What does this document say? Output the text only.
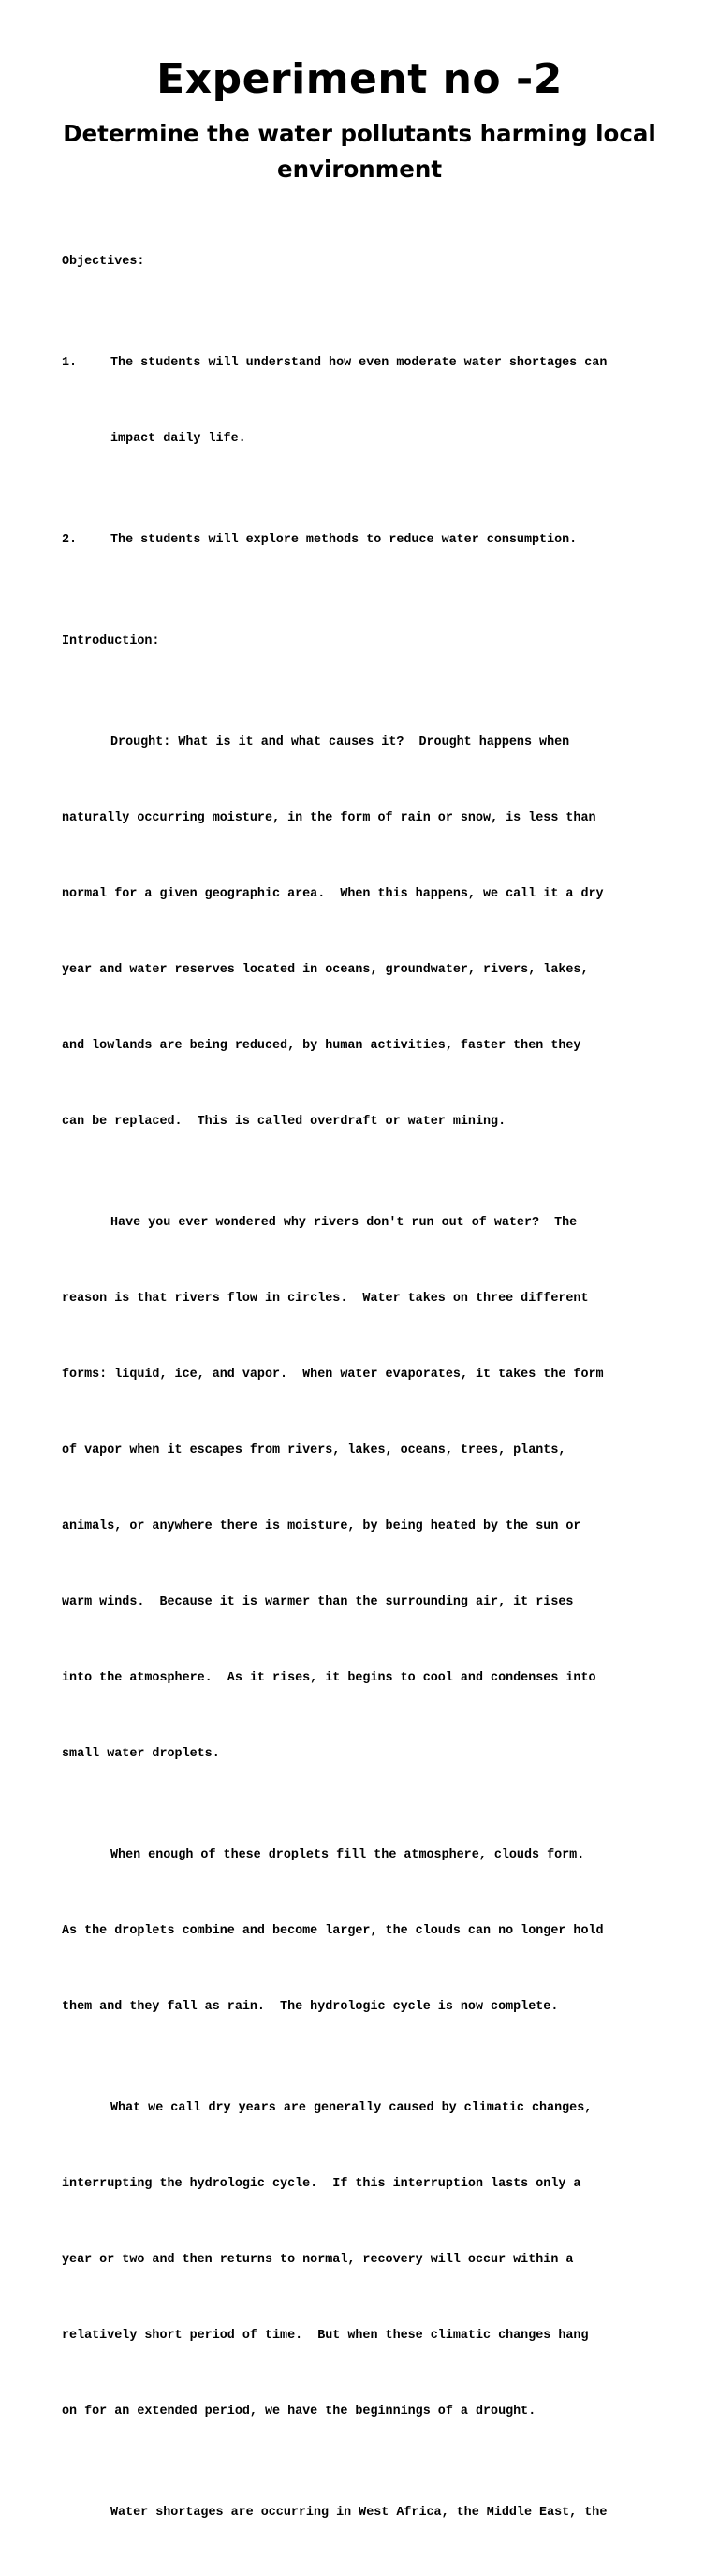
Experiment no -2
Determine the water pollutants harming local
environment

Objectives:

1.	The students will understand how even moderate water shortages can

impact daily life.

2.	The students will explore methods to reduce water consumption.

Introduction:

Drought: What is it and what causes it?  Drought happens when

naturally occurring moisture, in the form of rain or snow, is less than

normal for a given geographic area.  When this happens, we call it a dry

year and water reserves located in oceans, groundwater, rivers, lakes,

and lowlands are being reduced, by human activities, faster then they

can be replaced.  This is called overdraft or water mining.

Have you ever wondered why rivers don't run out of water?  The

reason is that rivers flow in circles.  Water takes on three different

forms: liquid, ice, and vapor.  When water evaporates, it takes the form

of vapor when it escapes from rivers, lakes, oceans, trees, plants,

animals, or anywhere there is moisture, by being heated by the sun or

warm winds.  Because it is warmer than the surrounding air, it rises

into the atmosphere.  As it rises, it begins to cool and condenses into

small water droplets.

When enough of these droplets fill the atmosphere, clouds form.

As the droplets combine and become larger, the clouds can no longer hold

them and they fall as rain.  The hydrologic cycle is now complete.

What we call dry years are generally caused by climatic changes,

interrupting the hydrologic cycle.  If this interruption lasts only a

year or two and then returns to normal, recovery will occur within a

relatively short period of time.  But when these climatic changes hang

on for an extended period, we have the beginnings of a drought.

Water shortages are occurring in West Africa, the Middle East, the
